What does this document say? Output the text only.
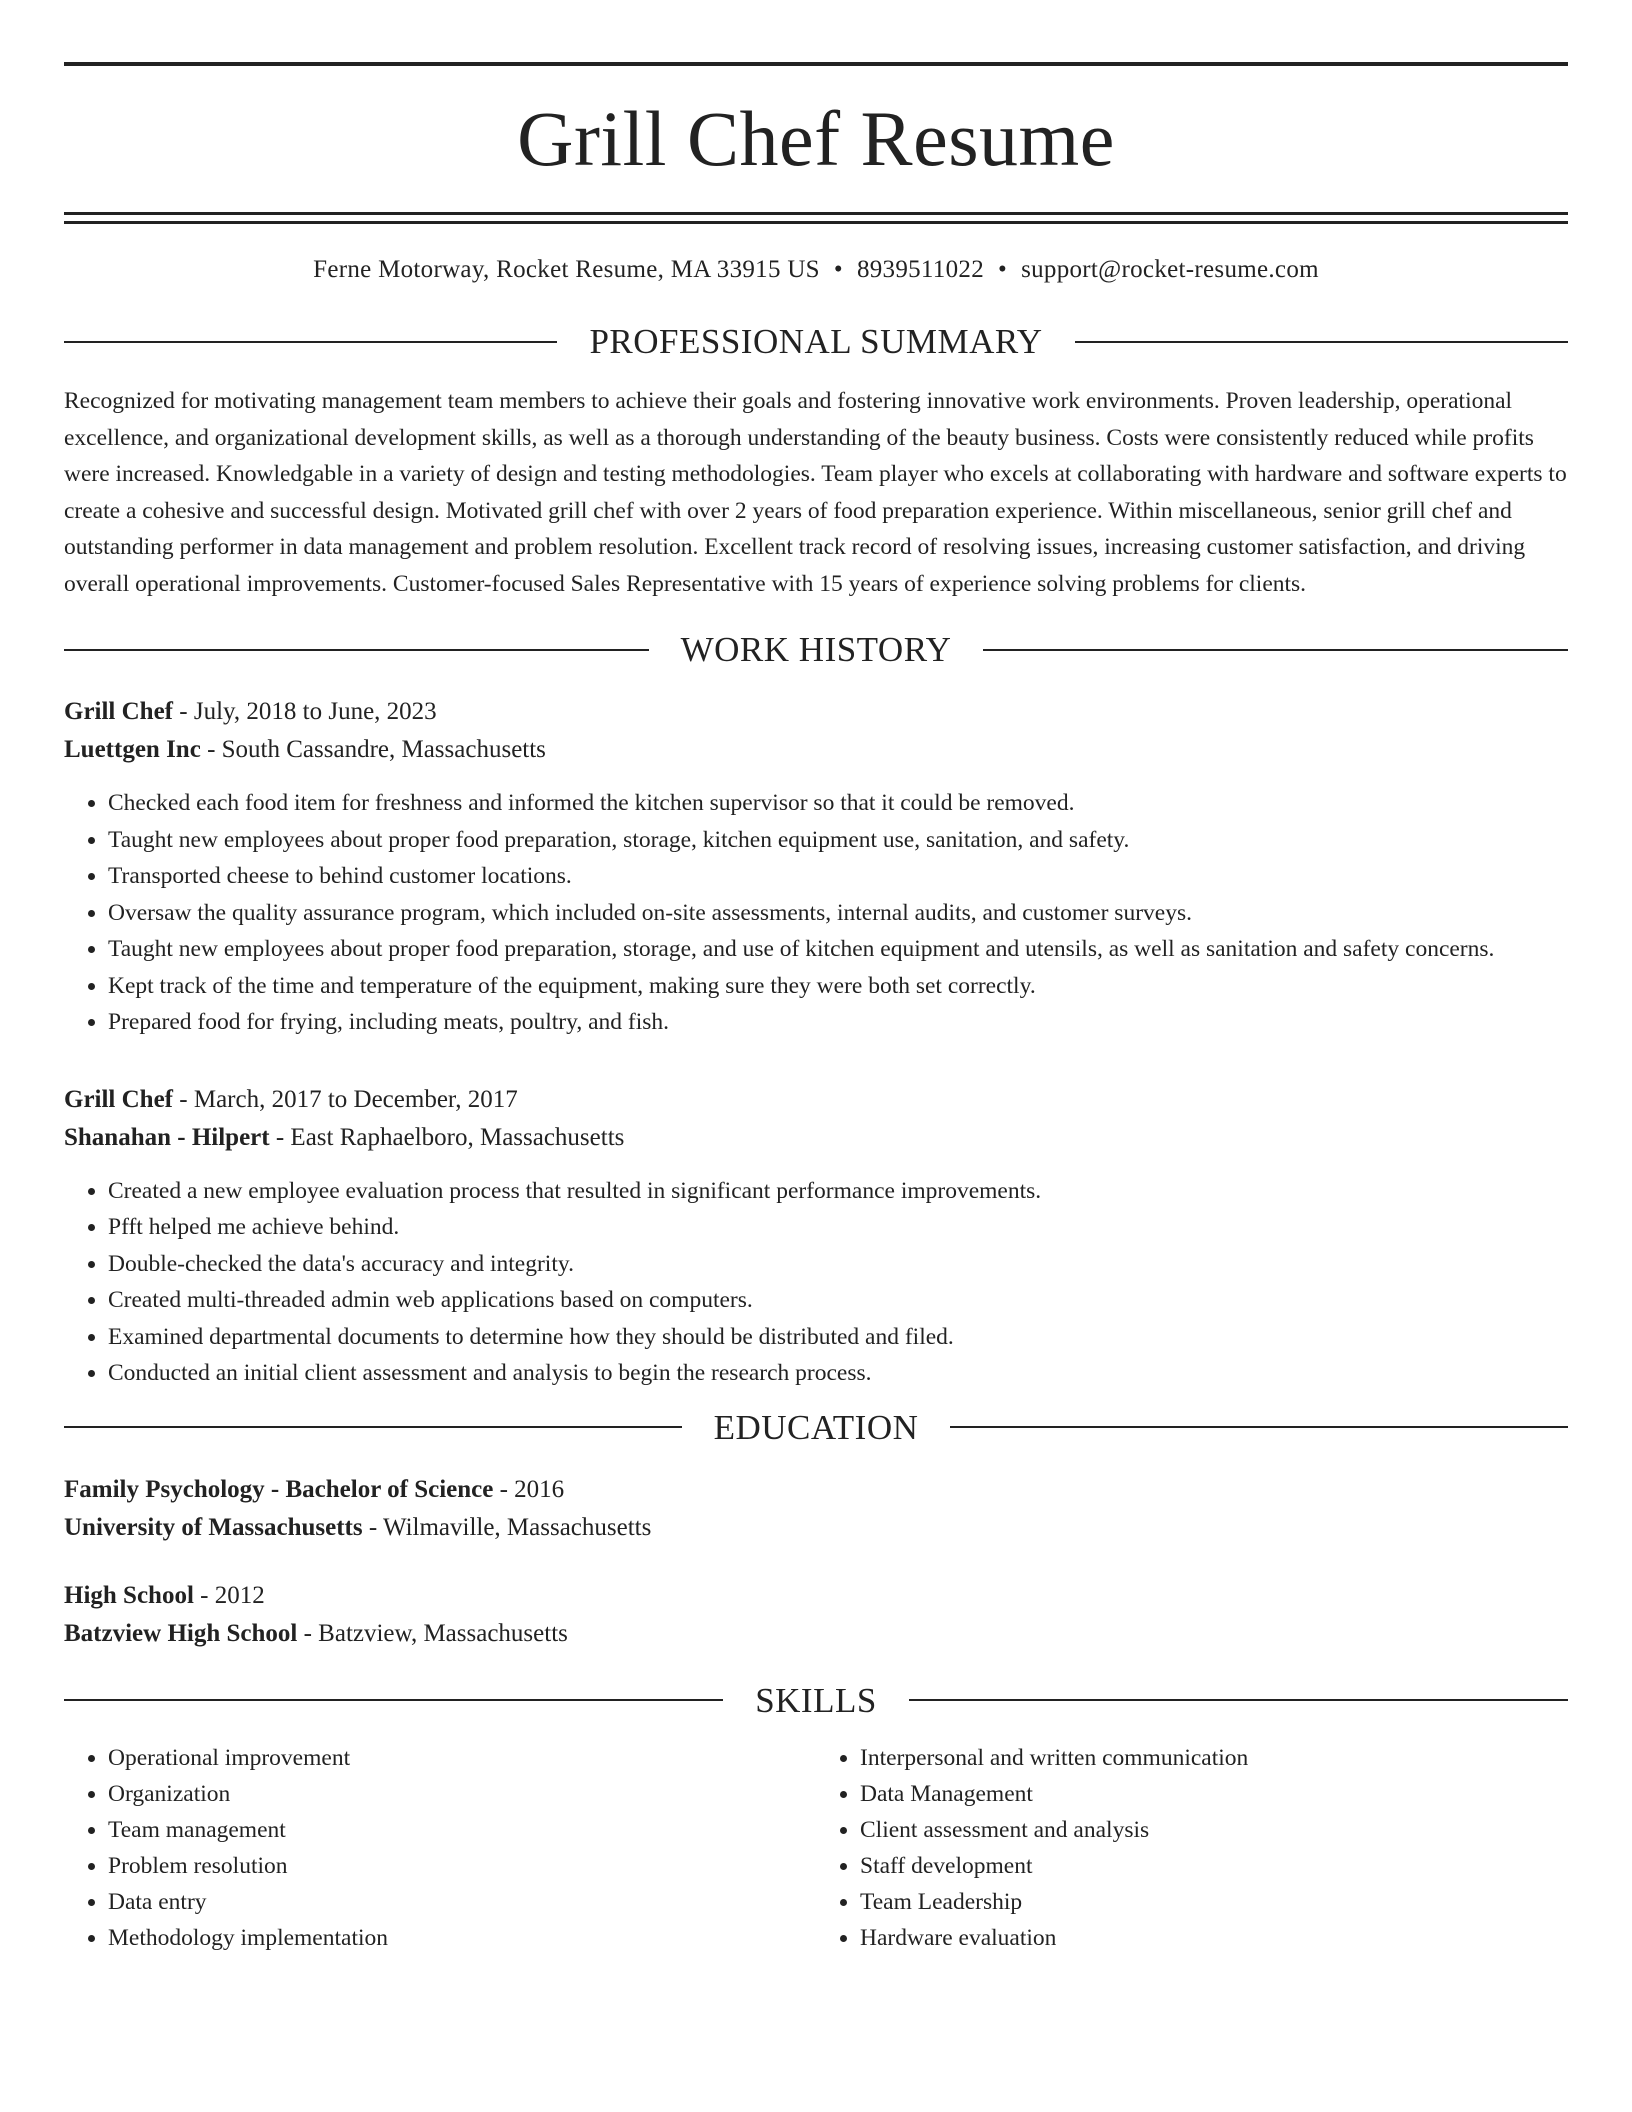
Grill Chef Resume
Ferne Motorway, Rocket Resume, MA 33915 US • 8939511022 • support@rocket-resume.com
PROFESSIONAL SUMMARY

Recognized for motivating management team members to achieve their goals and fostering innovative work environments. Proven leadership, operational excellence, and organizational development skills, as well as a thorough understanding of the beauty business. Costs were consistently reduced while profits were increased. Knowledgable in a variety of design and testing methodologies. Team player who excels at collaborating with hardware and software experts to create a cohesive and successful design. Motivated grill chef with over 2 years of food preparation experience. Within miscellaneous, senior grill chef and outstanding performer in data management and problem resolution. Excellent track record of resolving issues, increasing customer satisfaction, and driving overall operational improvements. Customer-focused Sales Representative with 15 years of experience solving problems for clients.

WORK HISTORY
Grill Chef - July, 2018 to June, 2023
Luettgen Inc - South Cassandre, Massachusetts
• Checked each food item for freshness and informed the kitchen supervisor so that it could be removed.
• Taught new employees about proper food preparation, storage, kitchen equipment use, sanitation, and safety.
• Transported cheese to behind customer locations.
• Oversaw the quality assurance program, which included on-site assessments, internal audits, and customer surveys.
• Taught new employees about proper food preparation, storage, and use of kitchen equipment and utensils, as well as sanitation and safety concerns.
• Kept track of the time and temperature of the equipment, making sure they were both set correctly.
• Prepared food for frying, including meats, poultry, and fish.
Grill Chef - March, 2017 to December, 2017
Shanahan - Hilpert - East Raphaelboro, Massachusetts
• Created a new employee evaluation process that resulted in significant performance improvements.
• Pfft helped me achieve behind.
• Double-checked the data's accuracy and integrity.
• Created multi-threaded admin web applications based on computers.
• Examined departmental documents to determine how they should be distributed and filed.
• Conducted an initial client assessment and analysis to begin the research process.
EDUCATION
Family Psychology - Bachelor of Science - 2016
University of Massachusetts - Wilmaville, Massachusetts
High School - 2012
Batzview High School - Batzview, Massachusetts
SKILLS
• Operational improvement
• Organization
• Team management
• Problem resolution
• Data entry
• Methodology implementation
• Interpersonal and written communication
• Data Management
• Client assessment and analysis
• Staff development
• Team Leadership
• Hardware evaluation
